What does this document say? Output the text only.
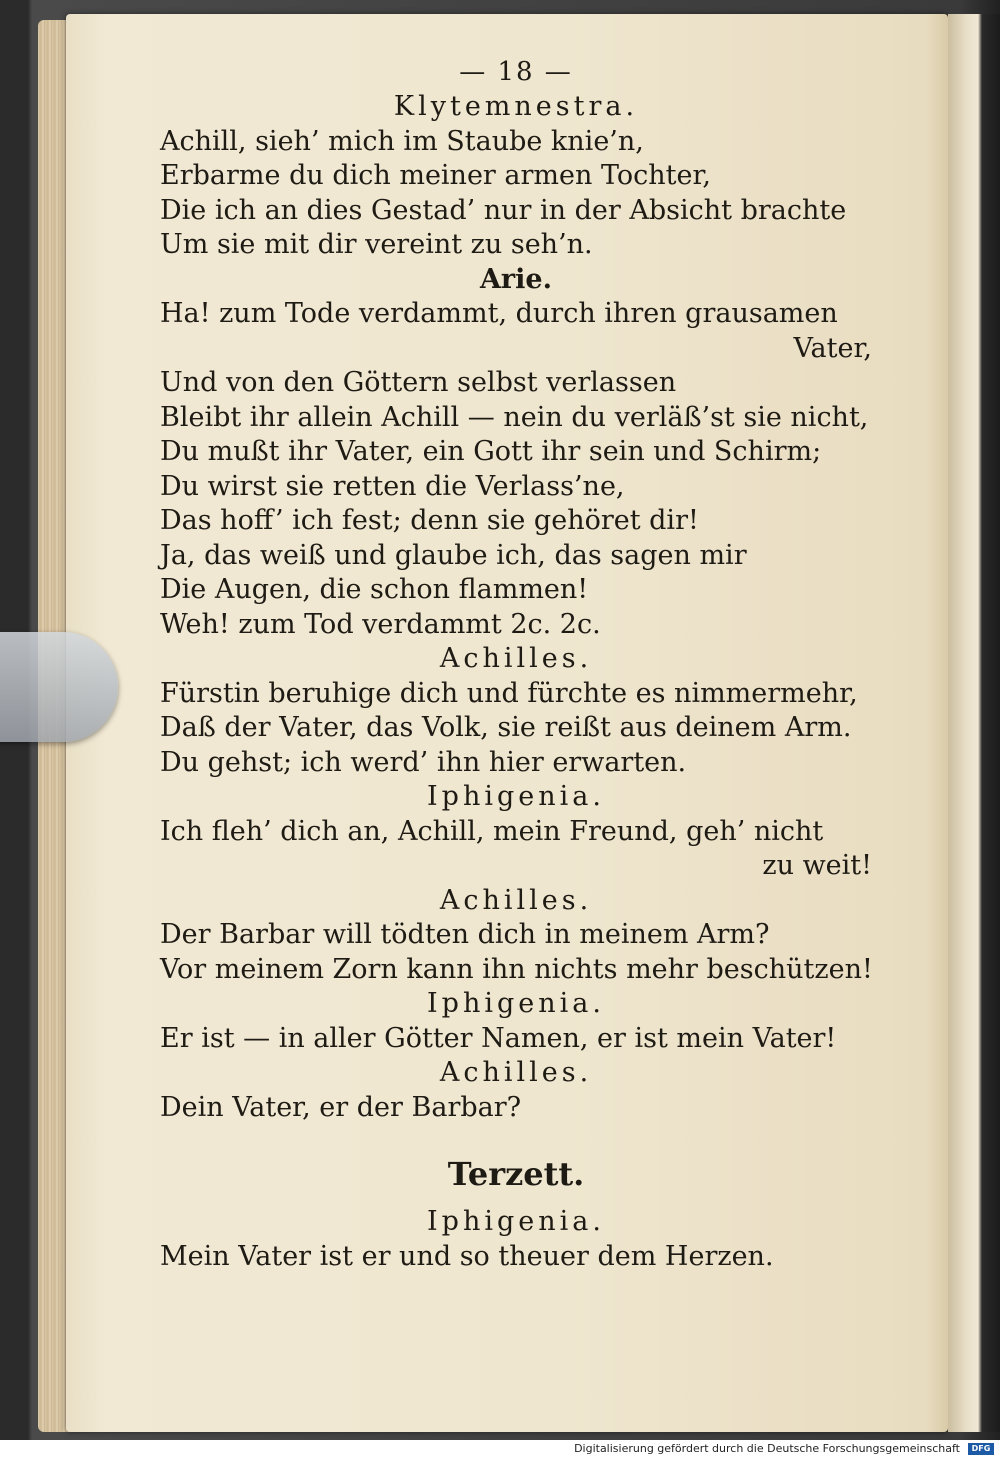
— 18 —
Klytemnestra.
Achill, sieh’ mich im Staube knie’n,
Erbarme du dich meiner armen Tochter,
Die ich an dies Gestad’ nur in der Absicht brachte
Um sie mit dir vereint zu seh’n.
Arie.
Ha! zum Tode verdammt, durch ihren grausamen
Vater,
Und von den Göttern selbst verlassen
Bleibt ihr allein Achill — nein du verläß’st sie nicht,
Du mußt ihr Vater, ein Gott ihr sein und Schirm;
Du wirst sie retten die Verlass’ne,
Das hoff’ ich fest; denn sie gehöret dir!
Ja, das weiß und glaube ich, das sagen mir
Die Augen, die schon flammen!
Weh! zum Tod verdammt 2c. 2c.
Achilles.
Fürstin beruhige dich und fürchte es nimmermehr,
Daß der Vater, das Volk, sie reißt aus deinem Arm.
Du gehst; ich werd’ ihn hier erwarten.
Iphigenia.
Ich fleh’ dich an, Achill, mein Freund, geh’ nicht
zu weit!
Achilles.
Der Barbar will tödten dich in meinem Arm?
Vor meinem Zorn kann ihn nichts mehr beschützen!
Iphigenia.
Er ist — in aller Götter Namen, er ist mein Vater!
Achilles.
Dein Vater, er der Barbar?
Terzett.
Iphigenia.
Mein Vater ist er und so theuer dem Herzen.
Digitalisierung gefördert durch die Deutsche Forschungsgemeinschaft DFG
